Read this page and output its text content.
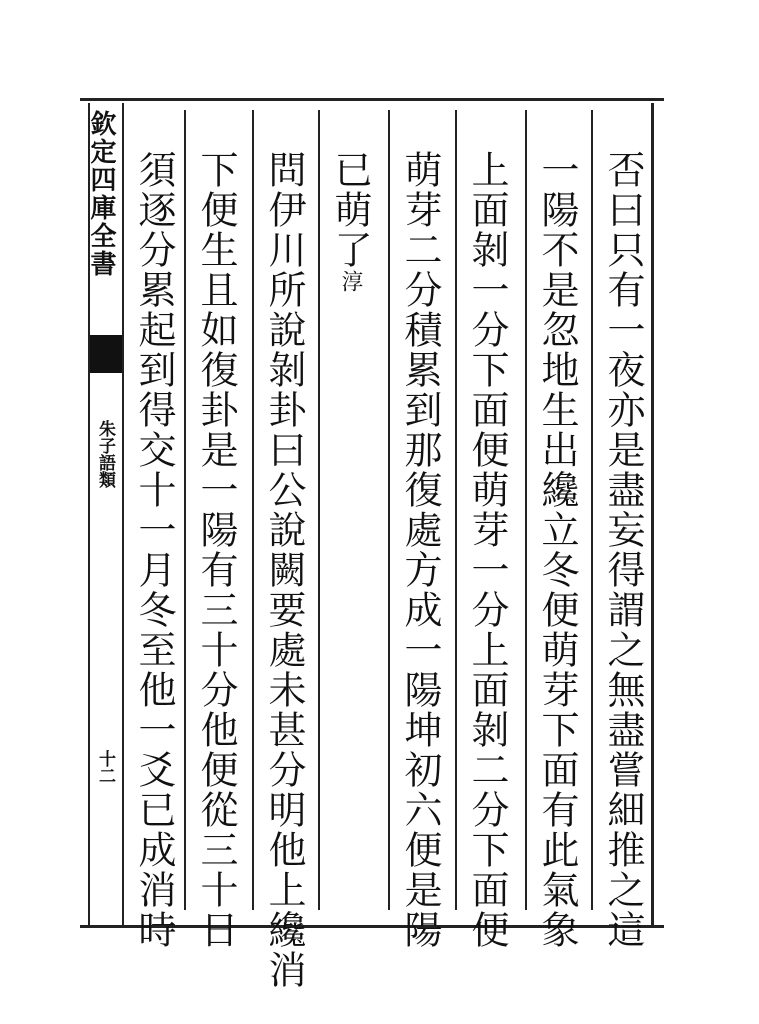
欽定四庫全書
朱子語類
十二	否曰只有一夜亦是盡妄得謂之無盡嘗細推之這
一陽不是忽地生出纔立冬便萌芽下面有此氣象
上面剝一分下面便萌芽一分上面剝二分下面便
萌芽二分積累到那復處方成一陽坤初六便是陽
已萌了淳
問伊川所說剝卦曰公說闕要處未甚分明他上纔消
下便生且如復卦是一陽有三十分他便從三十日
須逐分累起到得交十一月冬至他一爻已成消時
